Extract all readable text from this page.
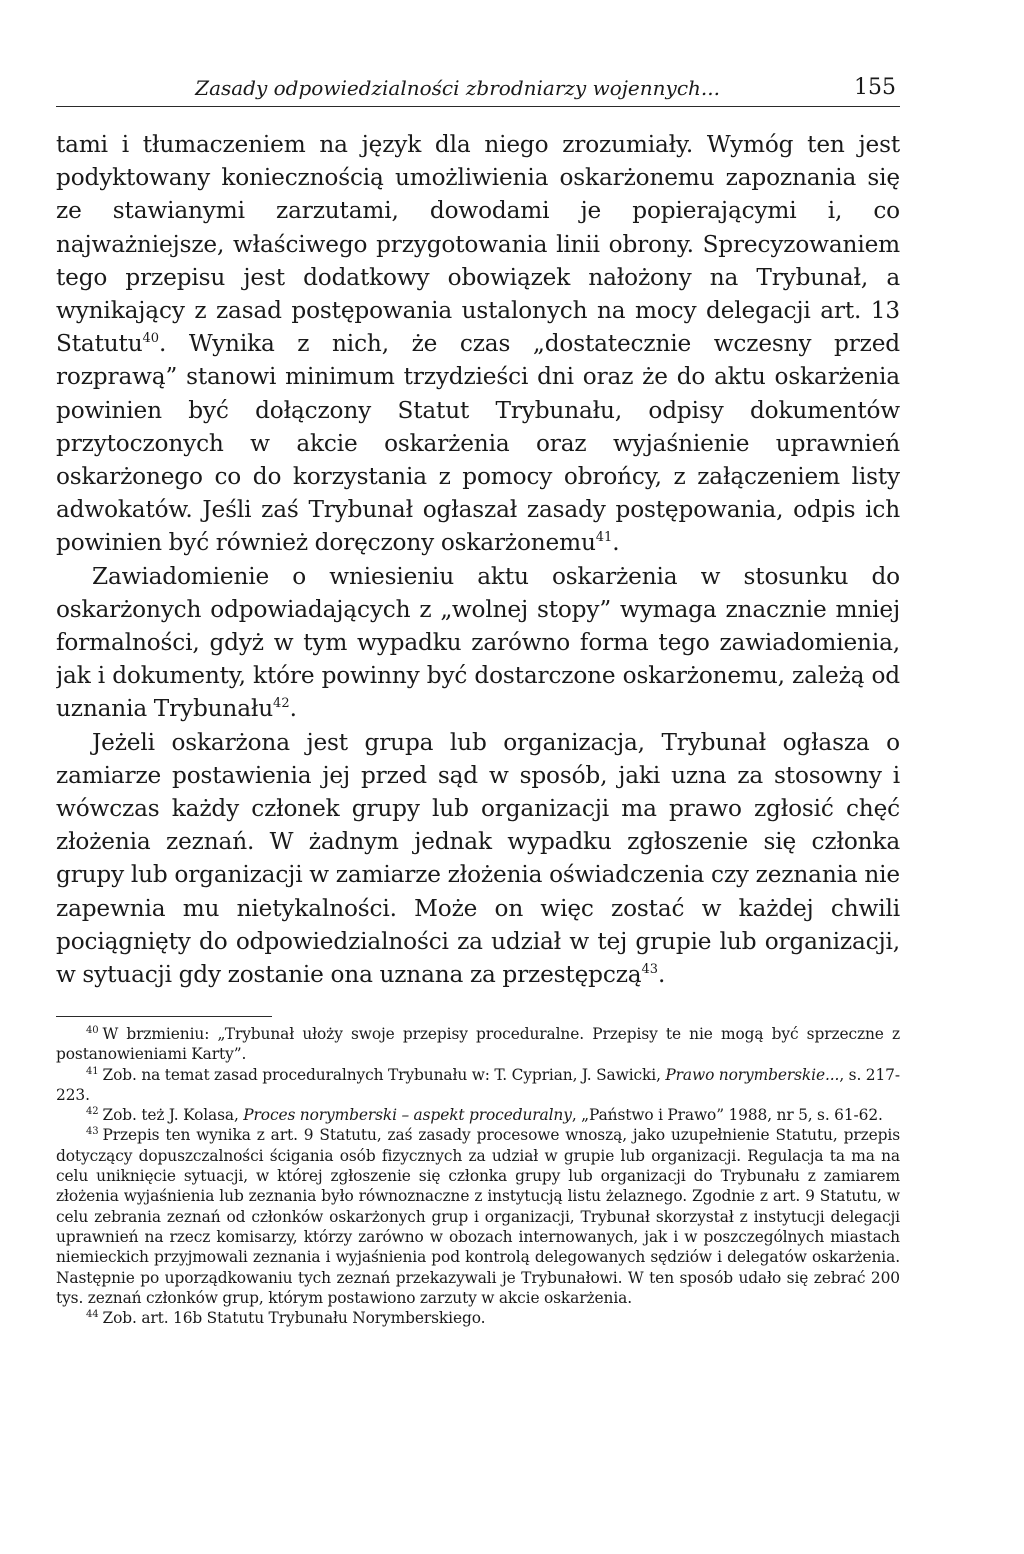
Zasady odpowiedzialności zbrodniarzy wojennych...	155

tami i tłumaczeniem na język dla niego zrozumiały. Wymóg ten jest podyktowany koniecznością umożliwienia oskarżonemu zapoznania się ze stawianymi zarzutami, dowodami je popierającymi i, co najważniejsze, właściwego przygotowania linii obrony. Sprecyzowaniem tego przepisu jest dodatkowy obowiązek nałożony na Trybunał, a wynikający z zasad postępowania ustalonych na mocy delegacji art. 13 Statutu$^{40}$. Wynika z nich, że czas „dostatecznie wczesny przed rozprawą” stanowi minimum trzydzieści dni oraz że do aktu oskarżenia powinien być dołączony Statut Trybunału, odpisy dokumentów przytoczonych w akcie oskarżenia oraz wyjaśnienie uprawnień oskarżonego co do korzystania z pomocy obrońcy, z załączeniem listy adwokatów. Jeśli zaś Trybunał ogłaszał zasady postępowania, odpis ich powinien być również doręczony oskarżonemu$^{41}$.

Zawiadomienie o wniesieniu aktu oskarżenia w stosunku do oskarżonych odpowiadających z „wolnej stopy” wymaga znacznie mniej formalności, gdyż w tym wypadku zarówno forma tego zawiadomienia, jak i dokumenty, które powinny być dostarczone oskarżonemu, zależą od uznania Trybunału$^{42}$.

Jeżeli oskarżona jest grupa lub organizacja, Trybunał ogłasza o zamiarze postawienia jej przed sąd w sposób, jaki uzna za stosowny i wówczas każdy członek grupy lub organizacji ma prawo zgłosić chęć złożenia zeznań. W żadnym jednak wypadku zgłoszenie się członka grupy lub organizacji w zamiarze złożenia oświadczenia czy zeznania nie zapewnia mu nietykalności. Może on więc zostać w każdej chwili pociągnięty do odpowiedzialności za udział w tej grupie lub organizacji, w sytuacji gdy zostanie ona uznana za przestępczą$^{43}$.

$^{40}$ W brzmieniu: „Trybunał ułoży swoje przepisy proceduralne. Przepisy te nie mogą być sprzeczne z postanowieniami Karty”.

$^{41}$ Zob. na temat zasad proceduralnych Trybunału w: T. Cyprian, J. Sawicki, Prawo norymberskie..., s. 217-223.

$^{42}$ Zob. też J. Kolasa, Proces norymberski – aspekt proceduralny, „Państwo i Prawo” 1988, nr 5, s. 61-62.

$^{43}$ Przepis ten wynika z art. 9 Statutu, zaś zasady procesowe wnoszą, jako uzupełnienie Statutu, przepis dotyczący dopuszczalności ścigania osób fizycznych za udział w grupie lub organizacji. Regulacja ta ma na celu uniknięcie sytuacji, w której zgłoszenie się członka grupy lub organizacji do Trybunału z zamiarem złożenia wyjaśnienia lub zeznania było równoznaczne z instytucją listu żelaznego. Zgodnie z art. 9 Statutu, w celu zebrania zeznań od członków oskarżonych grup i organizacji, Trybunał skorzystał z instytucji delegacji uprawnień na rzecz komisarzy, którzy zarówno w obozach internowanych, jak i w poszczególnych miastach niemieckich przyjmowali zeznania i wyjaśnienia pod kontrolą delegowanych sędziów i delegatów oskarżenia. Następnie po uporządkowaniu tych zeznań przekazywali je Trybunałowi. W ten sposób udało się zebrać 200 tys. zeznań członków grup, którym postawiono zarzuty w akcie oskarżenia.

$^{44}$ Zob. art. 16b Statutu Trybunału Norymberskiego.
